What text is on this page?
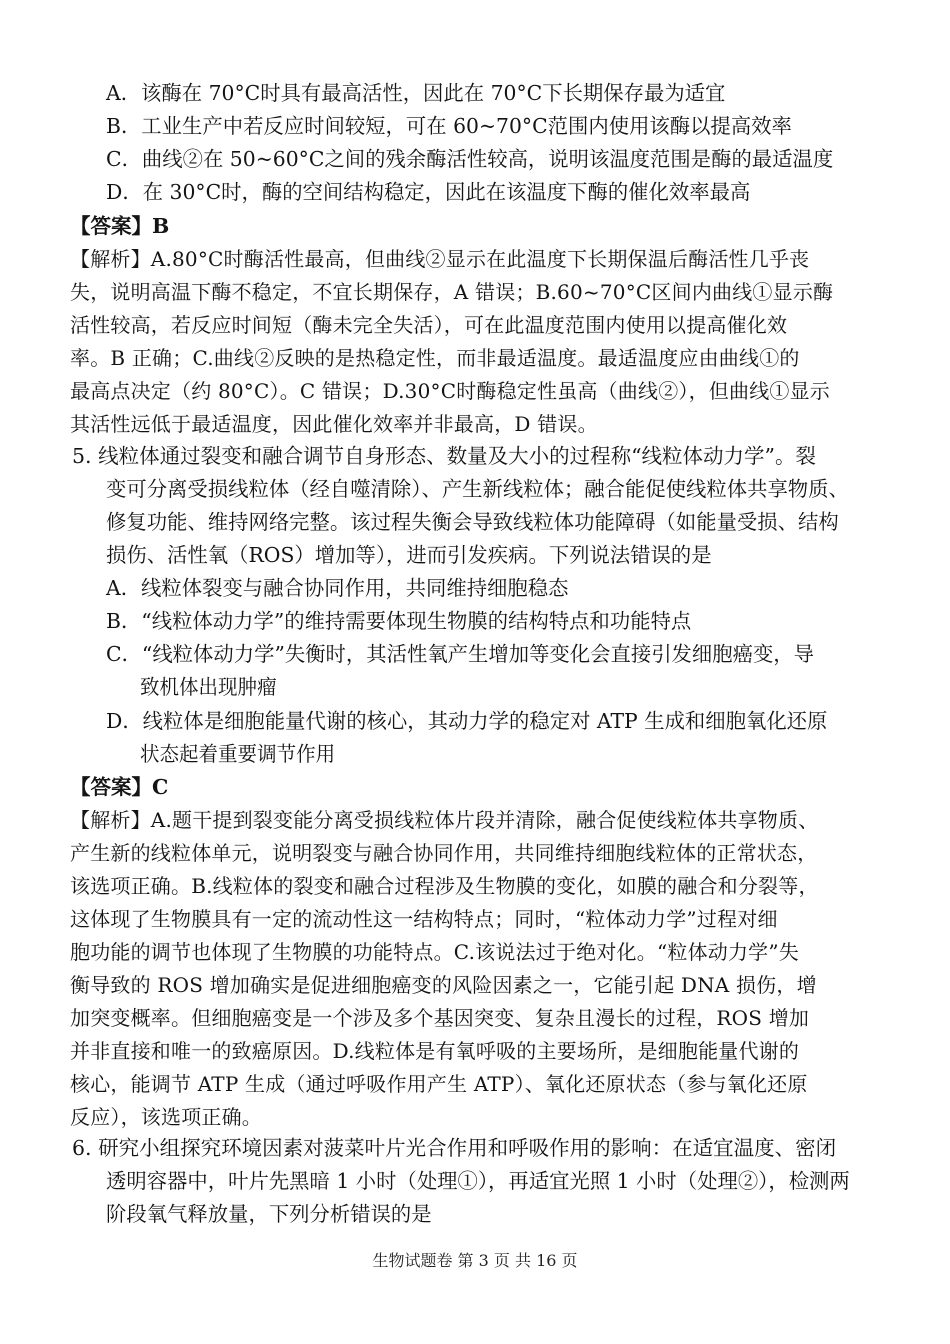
A．该酶在 70°C时具有最高活性，因此在 70°C下长期保存最为适宜
B．工业生产中若反应时间较短，可在 60~70°C范围内使用该酶以提高效率
C．曲线②在 50~60°C之间的残余酶活性较高，说明该温度范围是酶的最适温度
D．在 30°C时，酶的空间结构稳定，因此在该温度下酶的催化效率最高
【答案】B
【解析】A.80°C时酶活性最高，但曲线②显示在此温度下长期保温后酶活性几乎丧
失，说明高温下酶不稳定，不宜长期保存，A 错误；B.60~70°C区间内曲线①显示酶
活性较高，若反应时间短（酶未完全失活），可在此温度范围内使用以提高催化效
率。B 正确；C.曲线②反映的是热稳定性，而非最适温度。最适温度应由曲线①的
最高点决定（约 80°C）。C 错误；D.30°C时酶稳定性虽高（曲线②），但曲线①显示
其活性远低于最适温度，因此催化效率并非最高，D 错误。
5. 线粒体通过裂变和融合调节自身形态、数量及大小的过程称“线粒体动力学”。裂
变可分离受损线粒体（经自噬清除）、产生新线粒体；融合能促使线粒体共享物质、
修复功能、维持网络完整。该过程失衡会导致线粒体功能障碍（如能量受损、结构
损伤、活性氧（ROS）增加等），进而引发疾病。下列说法错误的是
A．线粒体裂变与融合协同作用，共同维持细胞稳态
B．“线粒体动力学”的维持需要体现生物膜的结构特点和功能特点
C．“线粒体动力学”失衡时，其活性氧产生增加等变化会直接引发细胞癌变，导
致机体出现肿瘤
D．线粒体是细胞能量代谢的核心，其动力学的稳定对 ATP 生成和细胞氧化还原
状态起着重要调节作用
【答案】C
【解析】A.题干提到裂变能分离受损线粒体片段并清除，融合促使线粒体共享物质、
产生新的线粒体单元，说明裂变与融合协同作用，共同维持细胞线粒体的正常状态，
该选项正确。B.线粒体的裂变和融合过程涉及生物膜的变化，如膜的融合和分裂等，
这体现了生物膜具有一定的流动性这一结构特点；同时，“粒体动力学”过程对细
胞功能的调节也体现了生物膜的功能特点。C.该说法过于绝对化。“粒体动力学”失
衡导致的 ROS 增加确实是促进细胞癌变的风险因素之一，它能引起 DNA 损伤，增
加突变概率。但细胞癌变是一个涉及多个基因突变、复杂且漫长的过程，ROS 增加
并非直接和唯一的致癌原因。D.线粒体是有氧呼吸的主要场所，是细胞能量代谢的
核心，能调节 ATP 生成（通过呼吸作用产生 ATP）、氧化还原状态（参与氧化还原
反应），该选项正确。
6. 研究小组探究环境因素对菠菜叶片光合作用和呼吸作用的影响：在适宜温度、密闭
透明容器中，叶片先黑暗 1 小时（处理①），再适宜光照 1 小时（处理②），检测两
阶段氧气释放量，下列分析错误的是
生物试题卷 第 3 页 共 16 页
